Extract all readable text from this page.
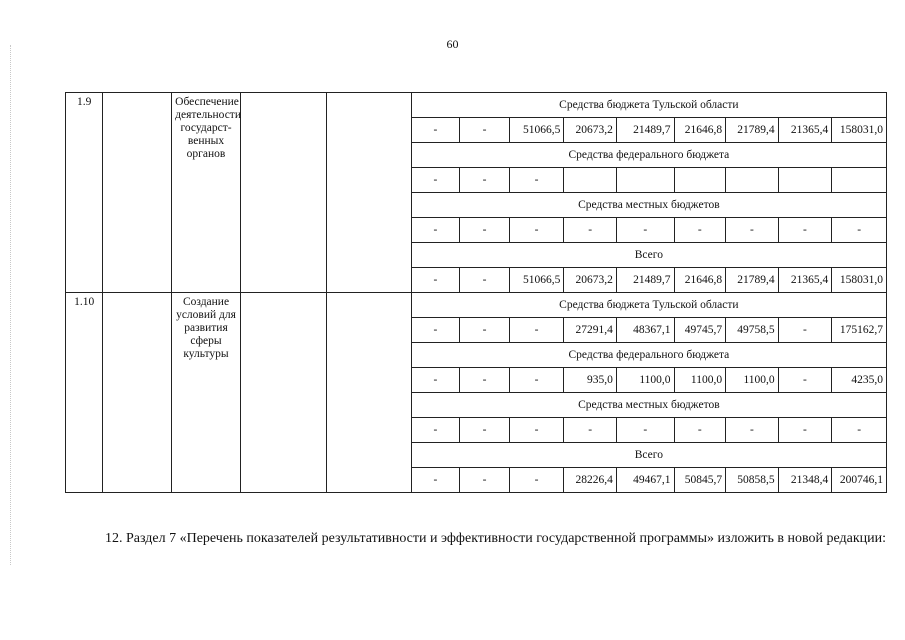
60
1.9		Обеспечение деятельности государст-венных органов			Средства бюджета Тульской области								
					-	-	51066,5	20673,2	21489,7	21646,8	21789,4	21365,4	158031,0
					Средства федерального бюджета								
					-	-	-						
					Средства местных бюджетов								
					-	-	-	-	-	-	-	-	-
					Всего								
					-	-	51066,5	20673,2	21489,7	21646,8	21789,4	21365,4	158031,0
1.10		Создание условий для развития сферы культуры			Средства бюджета Тульской области								
					-	-	-	27291,4	48367,1	49745,7	49758,5	-	175162,7
					Средства федерального бюджета								
					-	-	-	935,0	1100,0	1100,0	1100,0	-	4235,0
					Средства местных бюджетов								
					-	-	-	-	-	-	-	-	-
					Всего								
					-	-	-	28226,4	49467,1	50845,7	50858,5	21348,4	200746,1
12. Раздел 7 «Перечень показателей результативности и эффективности государственной программы» изложить в новой редакции:
